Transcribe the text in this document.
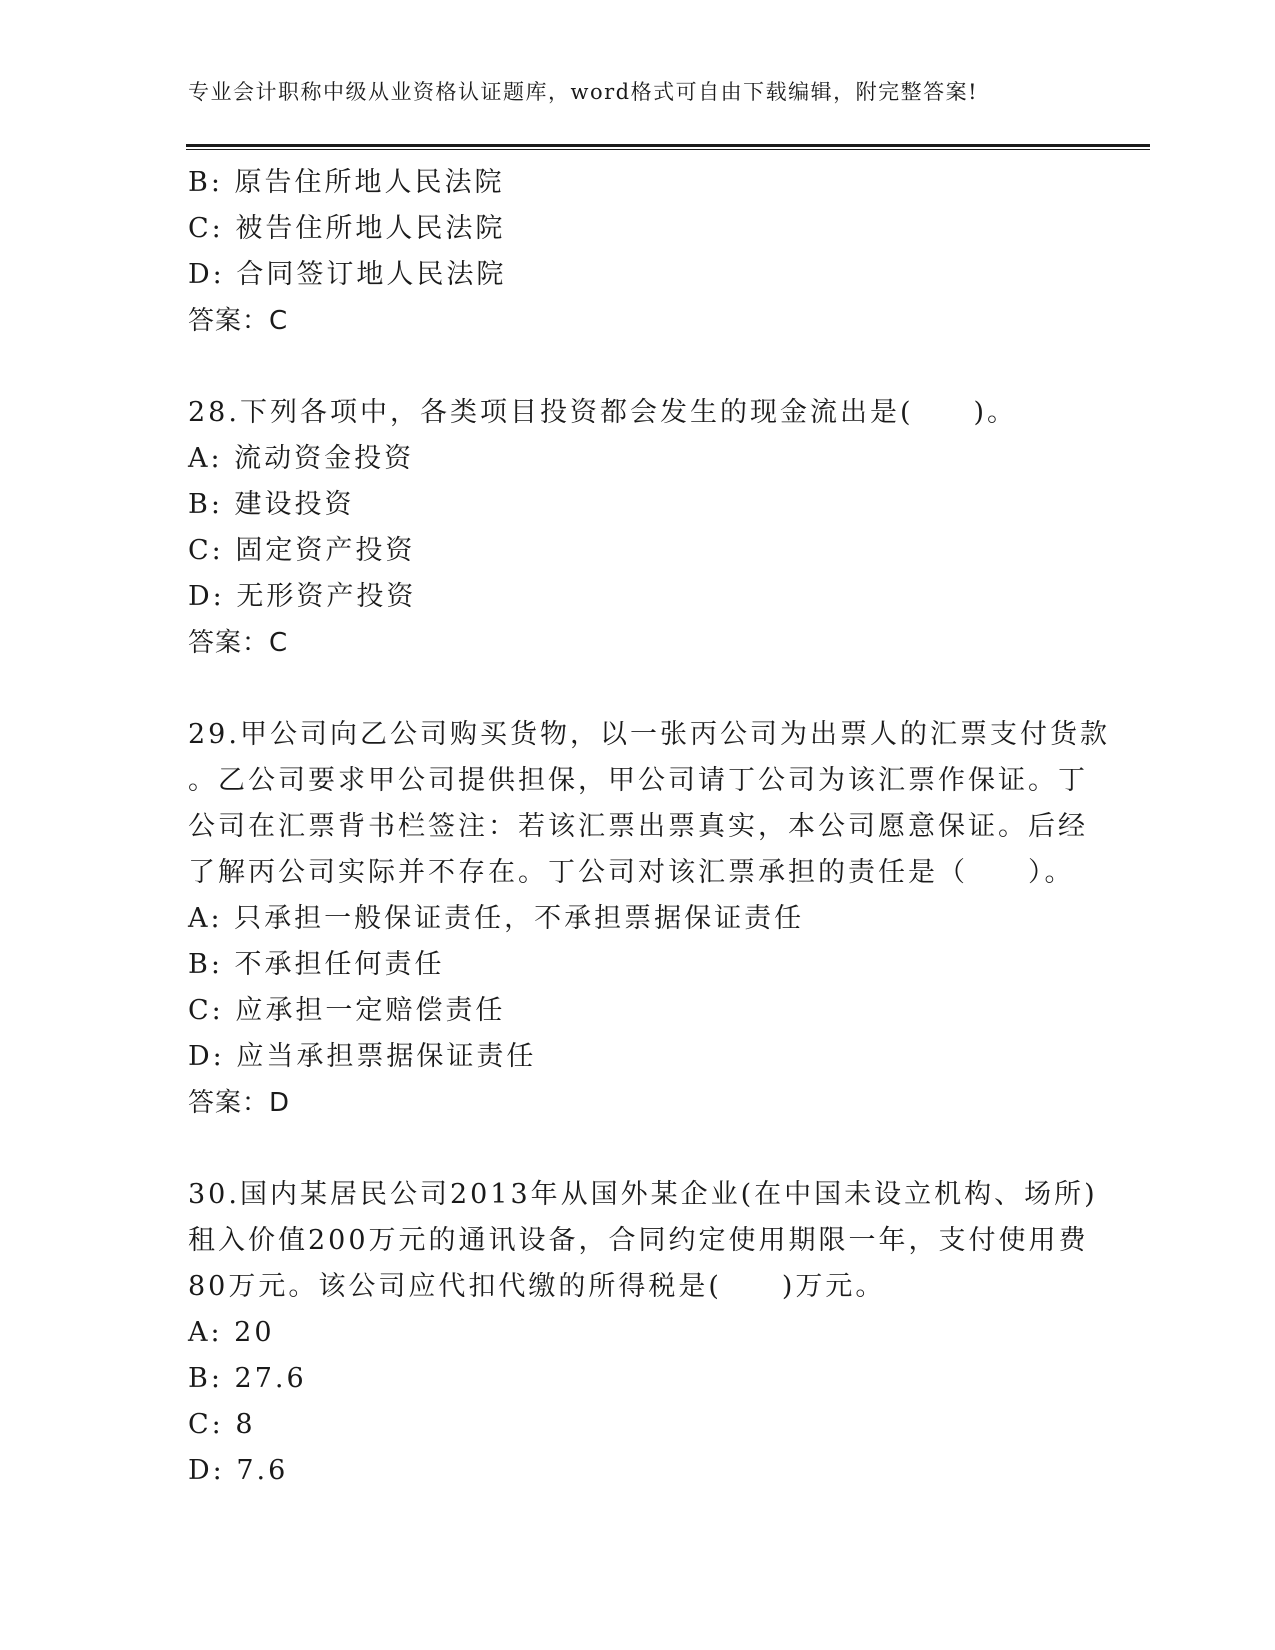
专业会计职称中级从业资格认证题库，word格式可自由下载编辑，附完整答案!
B: 原告住所地人民法院
C: 被告住所地人民法院
D: 合同签订地人民法院
答案：C
28.下列各项中，各类项目投资都会发生的现金流出是(　　)。
A: 流动资金投资
B: 建设投资
C: 固定资产投资
D: 无形资产投资
答案：C
29.甲公司向乙公司购买货物，以一张丙公司为出票人的汇票支付货款
。乙公司要求甲公司提供担保，甲公司请丁公司为该汇票作保证。丁
公司在汇票背书栏签注：若该汇票出票真实，本公司愿意保证。后经
了解丙公司实际并不存在。丁公司对该汇票承担的责任是（　　）。
A: 只承担一般保证责任，不承担票据保证责任
B: 不承担任何责任
C: 应承担一定赔偿责任
D: 应当承担票据保证责任
答案：D
30.国内某居民公司2013年从国外某企业(在中国未设立机构、场所)
租入价值200万元的通讯设备，合同约定使用期限一年，支付使用费
80万元。该公司应代扣代缴的所得税是(　　)万元。
A: 20
B: 27.6
C: 8
D: 7.6
